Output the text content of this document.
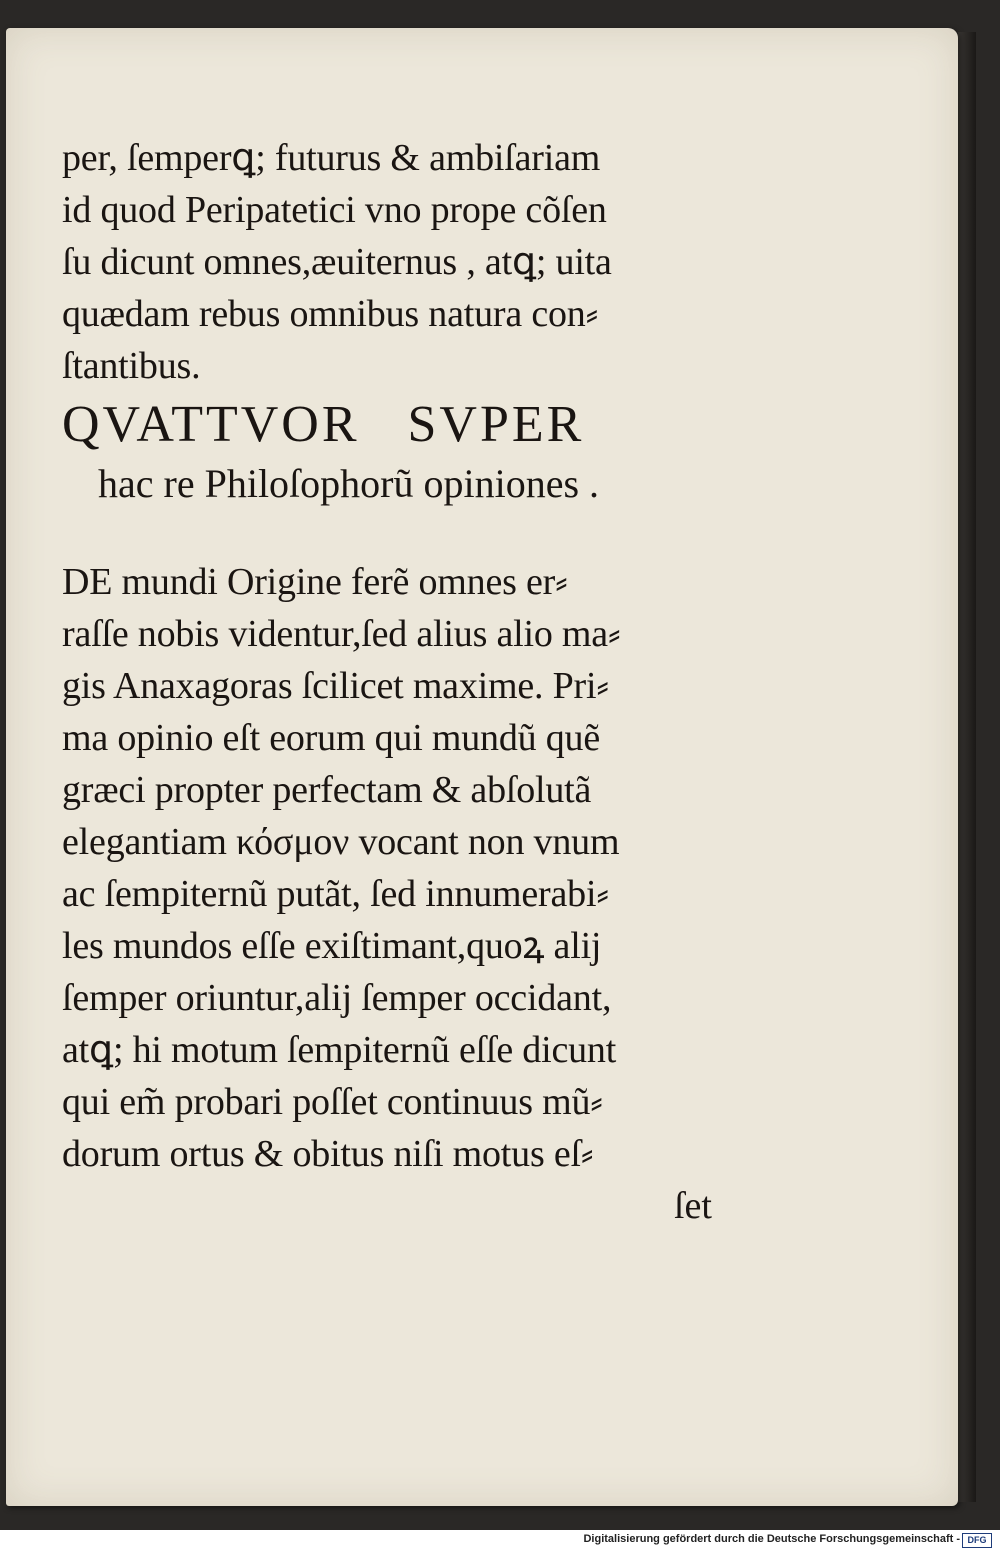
per, ſemperꝗ; futurus & ambiſariam
id quod Peripatetici vno prope cõſen
ſu dicunt omnes,æuiternus , atꝗ; uita
quædam rebus omnibus natura con⸗
ſtantibus.
QVATTVOR   SVPER
hac re Philoſophorũ opiniones .
DE mundi Origine ferẽ omnes er⸗
raſſe nobis videntur,ſed alius alio ma⸗
gis Anaxagoras ſcilicet maxime. Pri⸗
ma opinio eſt eorum qui mundũ quẽ
græci propter perfectam & abſolutã
elegantiam κόσμον vocant non vnum
ac ſempiternũ putãt, ſed innumerabi⸗
les mundos eſſe exiſtimant,quoꝝ alij
ſemper oriuntur,alij ſemper occidant,
atꝗ; hi motum ſempiternũ eſſe dicunt
qui em̃ probari poſſet continuus mũ⸗
dorum ortus & obitus niſi motus eſ⸗
ſet
Digitalisierung gefördert durch die Deutsche Forschungsgemeinschaft - DFG
